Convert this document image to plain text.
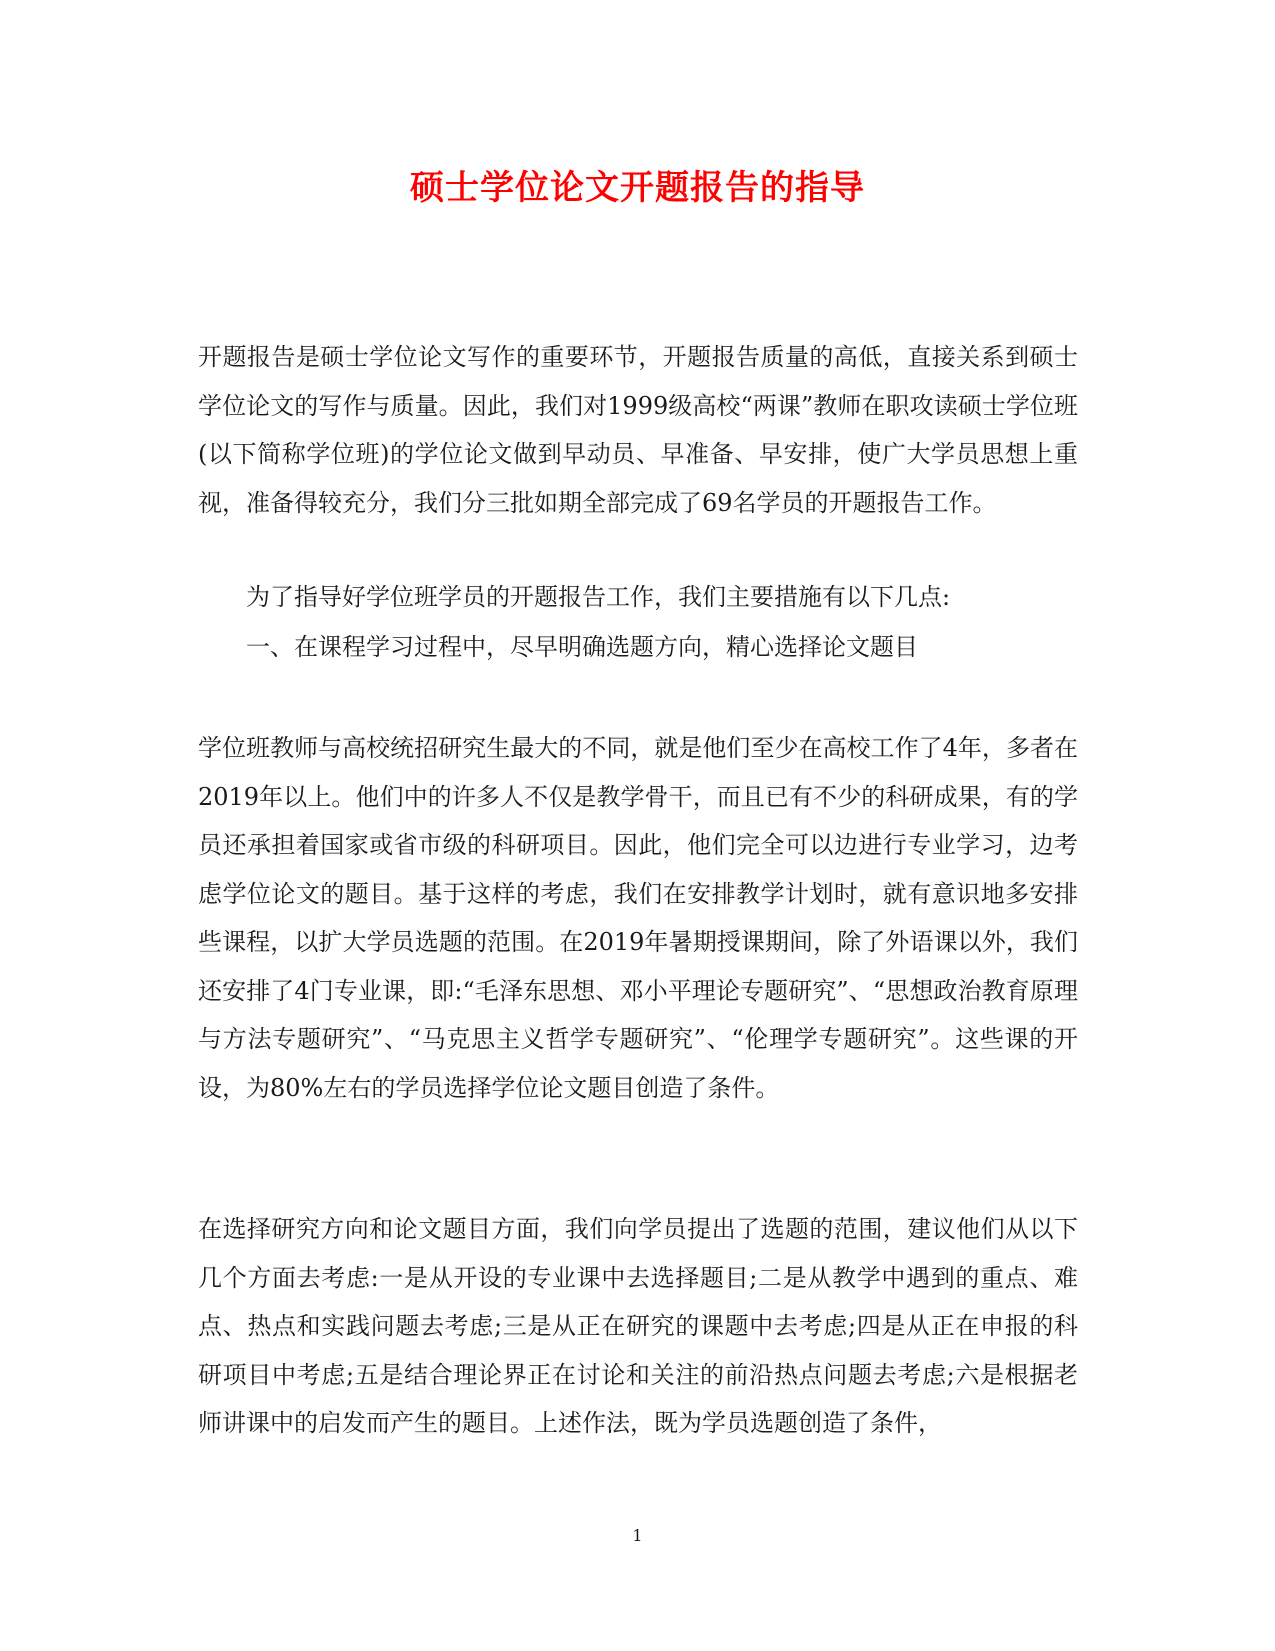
硕士学位论文开题报告的指导

开题报告是硕士学位论文写作的重要环节，开题报告质量的高低，直接关系到硕士学位论文的写作与质量。因此，我们对1999级高校“两课”教师在职攻读硕士学位班(以下简称学位班)的学位论文做到早动员、早准备、早安排，使广大学员思想上重视，准备得较充分，我们分三批如期全部完成了69名学员的开题报告工作。

为了指导好学位班学员的开题报告工作，我们主要措施有以下几点:

一、在课程学习过程中，尽早明确选题方向，精心选择论文题目

学位班教师与高校统招研究生最大的不同，就是他们至少在高校工作了4年，多者在2019年以上。他们中的许多人不仅是教学骨干，而且已有不少的科研成果，有的学员还承担着国家或省市级的科研项目。因此，他们完全可以边进行专业学习，边考虑学位论文的题目。基于这样的考虑，我们在安排教学计划时，就有意识地多安排些课程，以扩大学员选题的范围。在2019年暑期授课期间，除了外语课以外，我们还安排了4门专业课，即:“毛泽东思想、邓小平理论专题研究”、“思想政治教育原理与方法专题研究”、“马克思主义哲学专题研究”、“伦理学专题研究”。这些课的开设，为80%左右的学员选择学位论文题目创造了条件。

在选择研究方向和论文题目方面，我们向学员提出了选题的范围，建议他们从以下几个方面去考虑:一是从开设的专业课中去选择题目;二是从教学中遇到的重点、难点、热点和实践问题去考虑;三是从正在研究的课题中去考虑;四是从正在申报的科研项目中考虑;五是结合理论界正在讨论和关注的前沿热点问题去考虑;六是根据老师讲课中的启发而产生的题目。上述作法，既为学员选题创造了条件，

1
